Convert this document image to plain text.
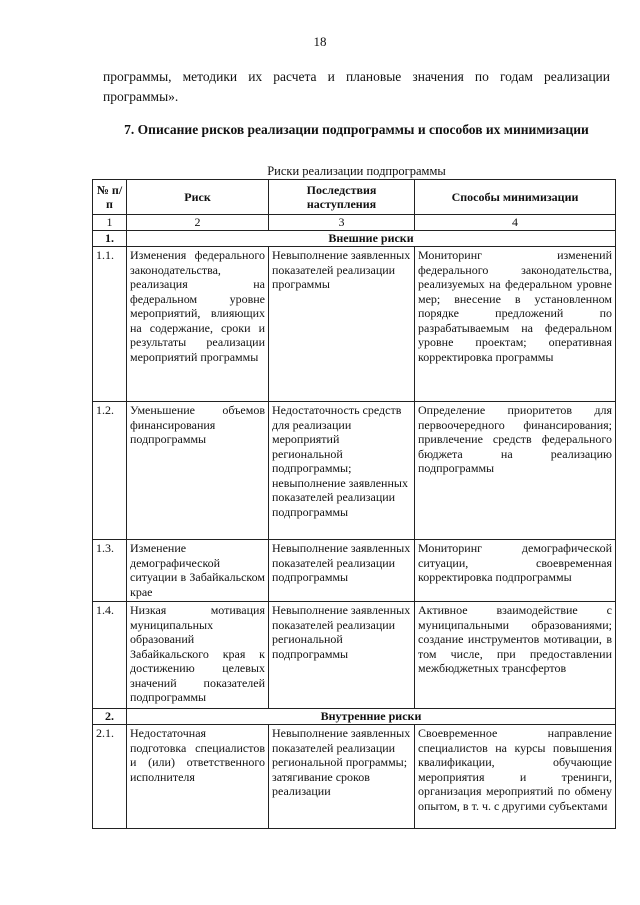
18
программы, методики их расчета и плановые значения по годам реализации программы».
7. Описание рисков реализации подпрограммы и способов их минимизации
Риски реализации подпрограммы
№ п/п	Риск	Последствия наступления	Способы минимизации
1	2	3	4
1.	Внешние риски		
1.1.	Изменения федерального законодательства, реализация на федеральном уровне мероприятий, влияющих на содержание, сроки и результаты реализации мероприятий программы	Невыполнение заявленных показателей реализации программы	Мониторинг изменений федерального законодательства, реализуемых на федеральном уровне мер; внесение в установленном порядке предложений по разрабатываемым на федеральном уровне проектам; оперативная корректировка программы
1.2.	Уменьшение объемов финансирования подпрограммы	Недостаточность средств для реализации мероприятий региональной подпрограммы; невыполнение заявленных показателей реализации подпрограммы	Определение приоритетов для первоочередного финансирования; привлечение средств федерального бюджета на реализацию подпрограммы
1.3.	Изменение демографической ситуации в Забайкальском крае	Невыполнение заявленных показателей реализации подпрограммы	Мониторинг демографической ситуации, своевременная корректировка подпрограммы
1.4.	Низкая мотивация муниципальных образований Забайкальского края к достижению целевых значений показателей подпрограммы	Невыполнение заявленных показателей реализации региональной подпрограммы	Активное взаимодействие с муниципальными образованиями; создание инструментов мотивации, в том числе, при предоставлении межбюджетных трансфертов
2.	Внутренние риски		
2.1.	Недостаточная подготовка специалистов и (или) ответственного исполнителя	Невыполнение заявленных показателей реализации региональной программы; затягивание сроков реализации	Своевременное направление специалистов на курсы повышения квалификации, обучающие мероприятия и тренинги, организация мероприятий по обмену опытом, в т. ч. с другими субъектами
